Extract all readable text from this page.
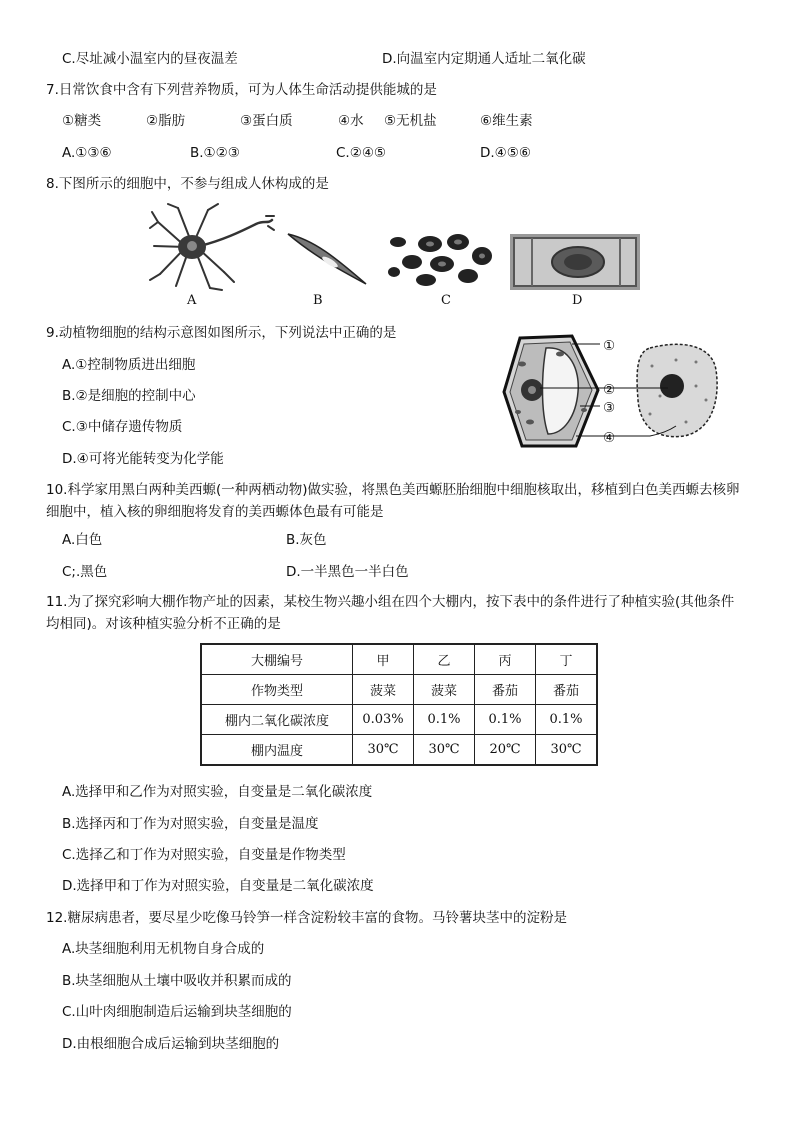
C.尽址减小温室内的昼夜温差	D.向温室内定期通人适址二氧化碳
7.日常饮食中含有下列营养物质，可为人体生命活动提供能城的是
①糖类	②脂肪	③蛋白质	④水 ⑤无机盐	⑥维生素
A.①③⑥	B.①②③	C.②④⑤	D.④⑤⑥
8.下图所示的细胞中，不参与组成人休构成的是
A	B	C	D
9.动植物细胞的结构示意图如图所示，下列说法中正确的是
A.①控制物质进出细胞
B.②是细胞的控制中心
C.③中储存遗传物质
D.④可将光能转变为化学能
①
②
③
④
10.科学家用黑白两种美西螈(一种两栖动物)做实验，将黑色美西螈胚胎细胞中细胞核取出，移植到白色美西螈去核卵细胞中，植入核的卵细胞将发育的美西螈体色最有可能是
A.白色	B.灰色
C;.黑色	D.一半黑色一半白色
11.为了探究彩响大棚作物产址的因素，某校生物兴趣小组在四个大棚内，按下表中的条件进行了种植实验(其他条件均相同)。对该种植实验分析不正确的是
大棚编号	甲	乙	丙	丁
作物类型	菠菜	菠菜	番茄	番茄
棚内二氧化碳浓度	0.03%	0.1%	0.1%	0.1%
棚内温度	30℃	30℃	20℃	30℃
A.选择甲和乙作为对照实验，自变量是二氧化碳浓度
B.选择丙和丁作为对照实验，自变量是温度
C.选择乙和丁作为对照实验，自变量是作物类型
D.选择甲和丁作为对照实验，自变量是二氧化碳浓度
12.糖尿病患者，要尽星少吃像马铃笋一样含淀粉较丰富的食物。马铃薯块茎中的淀粉是
A.块茎细胞利用无机物自身合成的
B.块茎细胞从土壤中吸收并积累而成的
C.山叶肉细胞制造后运输到块茎细胞的
D.由根细胞合成后运输到块茎细胞的
